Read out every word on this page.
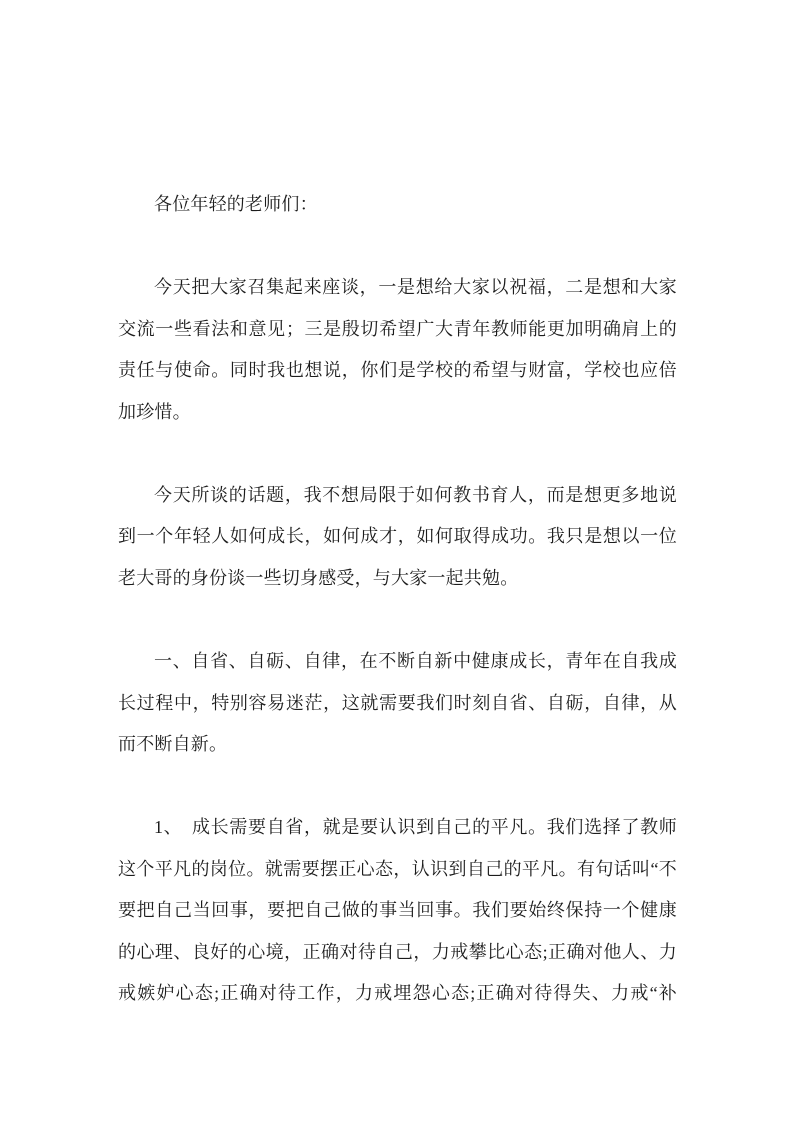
各位年轻的老师们：
今天把大家召集起来座谈，一是想给大家以祝福，二是想和大家
交流一些看法和意见；三是殷切希望广大青年教师能更加明确肩上的
责任与使命。同时我也想说，你们是学校的希望与财富，学校也应倍
加珍惜。
今天所谈的话题，我不想局限于如何教书育人，而是想更多地说
到一个年轻人如何成长，如何成才，如何取得成功。我只是想以一位
老大哥的身份谈一些切身感受，与大家一起共勉。
一、自省、自砺、自律，在不断自新中健康成长，青年在自我成
长过程中，特别容易迷茫，这就需要我们时刻自省、自砺，自律，从
而不断自新。
1、　成长需要自省，就是要认识到自己的平凡。我们选择了教师
这个平凡的岗位。就需要摆正心态，认识到自己的平凡。有句话叫“不
要把自己当回事，要把自己做的事当回事。我们要始终保持一个健康
的心理、良好的心境，正确对待自己，力戒攀比心态;正确对他人、力
戒嫉妒心态;正确对待工作，力戒埋怨心态;正确对待得失、力戒“补
